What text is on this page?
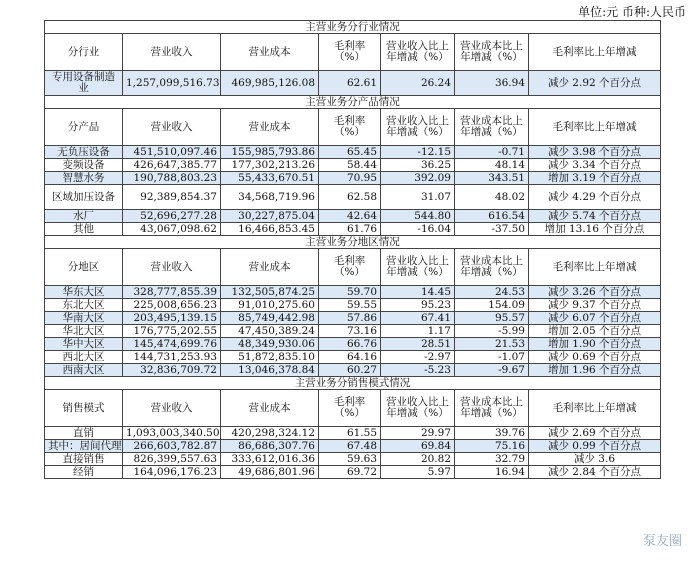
单位:元 币种:人民币
主营业务分行业情况						
分行业	营业收入	营业成本	毛利率（%）	营业收入比上年增减（%）	营业成本比上年增减（%）	毛利率比上年增减
专用设备制造业	1,257,099,516.73	469,985,126.08	62.61	26.24	36.94	减少 2.92 个百分点
主营业务分产品情况						
分产品	营业收入	营业成本	毛利率（%）	营业收入比上年增减（%）	营业成本比上年增减（%）	毛利率比上年增减
无负压设备	451,510,097.46	155,985,793.86	65.45	-12.15	-0.71	减少 3.98 个百分点
变频设备	426,647,385.77	177,302,213.26	58.44	36.25	48.14	减少 3.34 个百分点
智慧水务	190,788,803.23	55,433,670.51	70.95	392.09	343.51	增加 3.19 个百分点
区域加压设备	92,389,854.37	34,568,719.96	62.58	31.07	48.02	减少 4.29 个百分点
水厂	52,696,277.28	30,227,875.04	42.64	544.80	616.54	减少 5.74 个百分点
其他	43,067,098.62	16,466,853.45	61.76	-16.04	-37.50	增加 13.16 个百分点
主营业务分地区情况						
分地区	营业收入	营业成本	毛利率（%）	营业收入比上年增减（%）	营业成本比上年增减（%）	毛利率比上年增减
华东大区	328,777,855.39	132,505,874.25	59.70	14.45	24.53	减少 3.26 个百分点
东北大区	225,008,656.23	91,010,275.60	59.55	95.23	154.09	减少 9.37 个百分点
华南大区	203,495,139.15	85,749,442.98	57.86	67.41	95.57	减少 6.07 个百分点
华北大区	176,775,202.55	47,450,389.24	73.16	1.17	-5.99	增加 2.05 个百分点
华中大区	145,474,699.76	48,349,930.06	66.76	28.51	21.53	增加 1.90 个百分点
西北大区	144,731,253.93	51,872,835.10	64.16	-2.97	-1.07	减少 0.69 个百分点
西南大区	32,836,709.72	13,046,378.84	60.27	-5.23	-9.67	增加 1.96 个百分点
主营业务分销售模式情况						
销售模式	营业收入	营业成本	毛利率（%）	营业收入比上年增减（%）	营业成本比上年增减（%）	毛利率比上年增减
直销	1,093,003,340.50	420,298,324.12	61.55	29.97	39.76	减少 2.69 个百分点
其中：居间代理	266,603,782.87	86,686,307.76	67.48	69.84	75.16	减少 0.99 个百分点
直接销售	826,399,557.63	333,612,016.36	59.63	20.82	32.79	减少 3.6
经销	164,096,176.23	49,686,801.96	69.72	5.97	16.94	减少 2.84 个百分点
泵友圈
